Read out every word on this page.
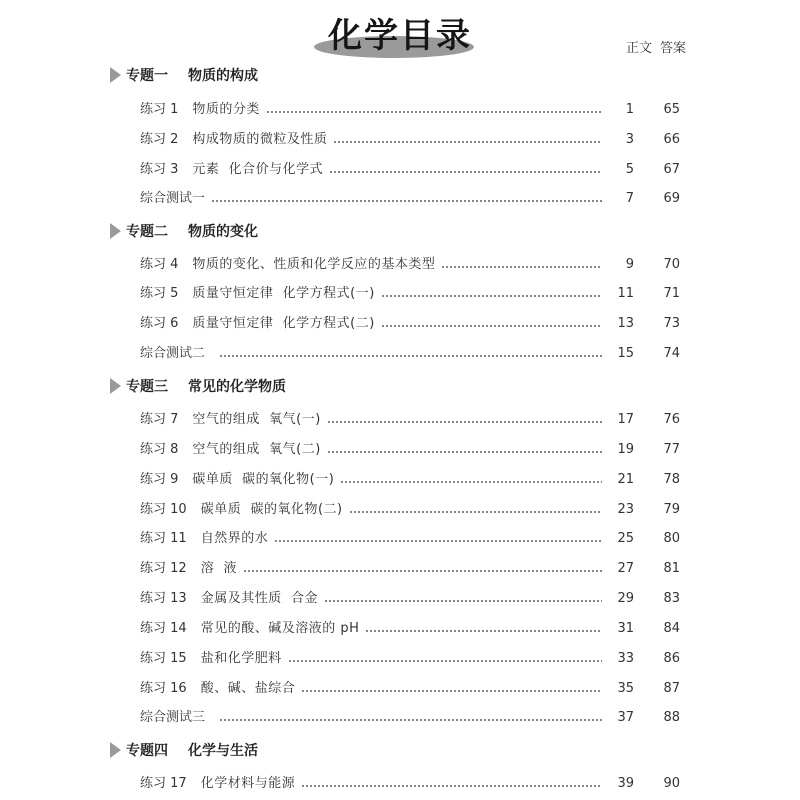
化学目录	正文 答案
专题一 物质的构成
练习 1 物质的分类	1	65
练习 2 构成物质的微粒及性质	3	66
练习 3 元素  化合价与化学式	5	67
综合测试一	7	69
专题二 物质的变化
练习 4 物质的变化、性质和化学反应的基本类型	9	70
练习 5 质量守恒定律  化学方程式(一)	11	71
练习 6 质量守恒定律  化学方程式(二)	13	73
综合测试二	15	74
专题三 常见的化学物质
练习 7 空气的组成  氧气(一)	17	76
练习 8 空气的组成  氧气(二)	19	77
练习 9 碳单质  碳的氧化物(一)	21	78
练习 10 碳单质  碳的氧化物(二)	23	79
练习 11 自然界的水	25	80
练习 12 溶  液	27	81
练习 13 金属及其性质  合金	29	83
练习 14 常见的酸、碱及溶液的 pH	31	84
练习 15 盐和化学肥料	33	86
练习 16 酸、碱、盐综合	35	87
综合测试三	37	88
专题四 化学与生活
练习 17 化学材料与能源	39	90
